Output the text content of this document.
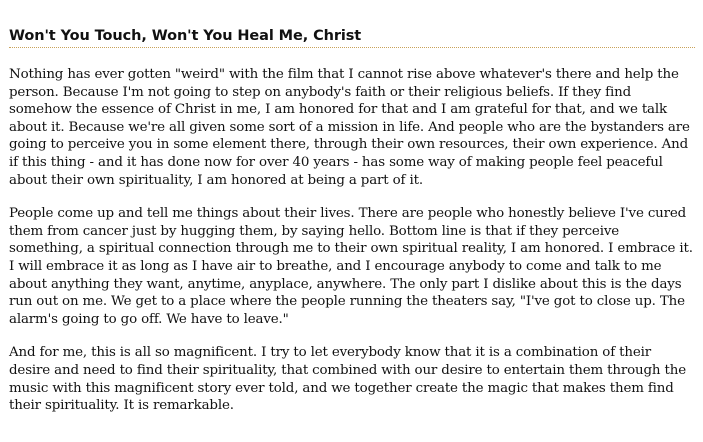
Won't You Touch, Won't You Heal Me, Christ

Nothing has ever gotten "weird" with the film that I cannot rise above whatever's there and help the person. Because I'm not going to step on anybody's faith or their religious beliefs. If they find somehow the essence of Christ in me, I am honored for that and I am grateful for that, and we talk about it. Because we're all given some sort of a mission in life. And people who are the bystanders are going to perceive you in some element there, through their own resources, their own experience. And if this thing - and it has done now for over 40 years - has some way of making people feel peaceful about their own spirituality, I am honored at being a part of it.

People come up and tell me things about their lives. There are people who honestly believe I've cured them from cancer just by hugging them, by saying hello. Bottom line is that if they perceive something, a spiritual connection through me to their own spiritual reality, I am honored. I embrace it. I will embrace it as long as I have air to breathe, and I encourage anybody to come and talk to me about anything they want, anytime, anyplace, anywhere. The only part I dislike about this is the days run out on me. We get to a place where the people running the theaters say, "I've got to close up. The alarm's going to go off. We have to leave."

And for me, this is all so magnificent. I try to let everybody know that it is a combination of their desire and need to find their spirituality, that combined with our desire to entertain them through the music with this magnificent story ever told, and we together create the magic that makes them find their spirituality. It is remarkable.
